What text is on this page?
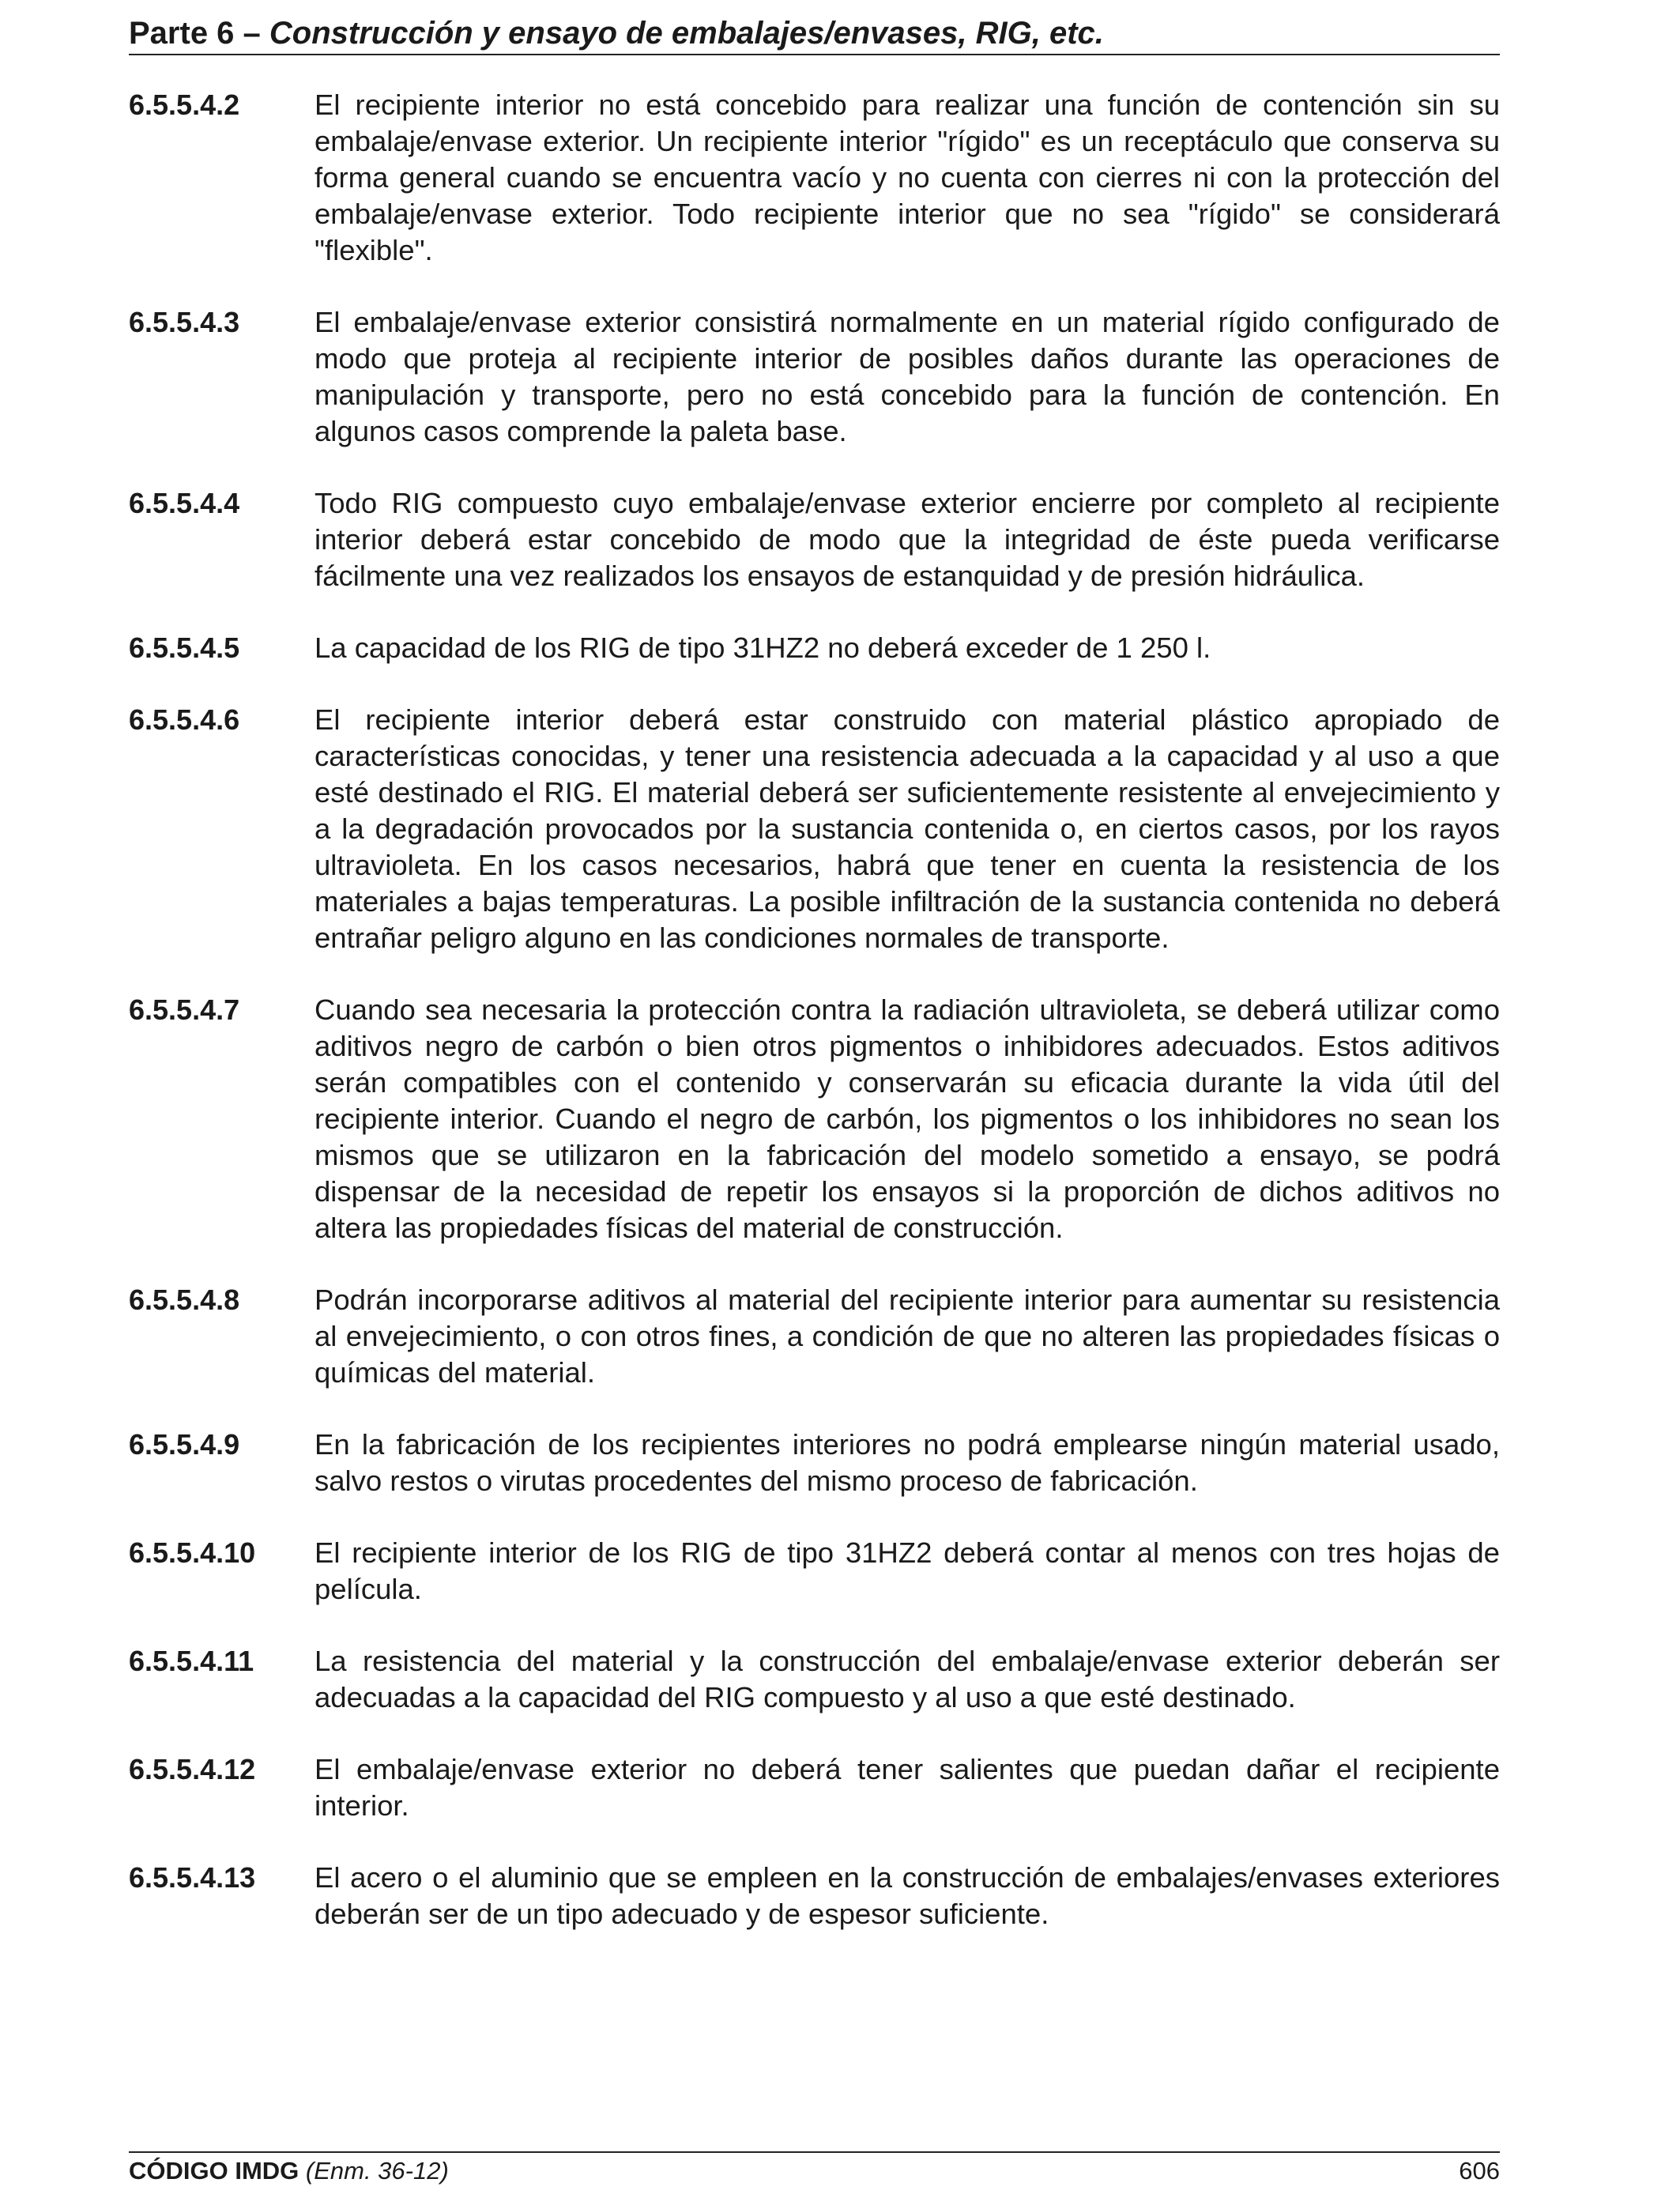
Parte 6 – Construcción y ensayo de embalajes/envases, RIG, etc.
6.5.5.4.2	El recipiente interior no está concebido para realizar una función de contención sin su embalaje/envase exterior. Un recipiente interior "rígido" es un receptáculo que conserva su forma general cuando se encuentra vacío y no cuenta con cierres ni con la protección del embalaje/envase exterior. Todo recipiente interior que no sea "rígido" se considerará "flexible".
6.5.5.4.3	El embalaje/envase exterior consistirá normalmente en un material rígido configurado de modo que proteja al recipiente interior de posibles daños durante las operaciones de manipulación y transporte, pero no está concebido para la función de contención. En algunos casos comprende la paleta base.
6.5.5.4.4	Todo RIG compuesto cuyo embalaje/envase exterior encierre por completo al recipiente interior deberá estar concebido de modo que la integridad de éste pueda verificarse fácilmente una vez realizados los ensayos de estanquidad y de presión hidráulica.
6.5.5.4.5	La capacidad de los RIG de tipo 31HZ2 no deberá exceder de 1 250 l.
6.5.5.4.6	El recipiente interior deberá estar construido con material plástico apropiado de características conocidas, y tener una resistencia adecuada a la capacidad y al uso a que esté destinado el RIG. El material deberá ser suficientemente resistente al envejecimiento y a la degradación provocados por la sustancia contenida o, en ciertos casos, por los rayos ultravioleta. En los casos necesarios, habrá que tener en cuenta la resistencia de los materiales a bajas temperaturas. La posible infiltración de la sustancia contenida no deberá entrañar peligro alguno en las condiciones normales de transporte.
6.5.5.4.7	Cuando sea necesaria la protección contra la radiación ultravioleta, se deberá utilizar como aditivos negro de carbón o bien otros pigmentos o inhibidores adecuados. Estos aditivos serán compatibles con el contenido y conservarán su eficacia durante la vida útil del recipiente interior. Cuando el negro de carbón, los pigmentos o los inhibidores no sean los mismos que se utilizaron en la fabricación del modelo sometido a ensayo, se podrá dispensar de la necesidad de repetir los ensayos si la proporción de dichos aditivos no altera las propiedades físicas del material de construcción.
6.5.5.4.8	Podrán incorporarse aditivos al material del recipiente interior para aumentar su resistencia al envejecimiento, o con otros fines, a condición de que no alteren las propiedades físicas o químicas del material.
6.5.5.4.9	En la fabricación de los recipientes interiores no podrá emplearse ningún material usado, salvo restos o virutas procedentes del mismo proceso de fabricación.
6.5.5.4.10	El recipiente interior de los RIG de tipo 31HZ2 deberá contar al menos con tres hojas de película.
6.5.5.4.11	La resistencia del material y la construcción del embalaje/envase exterior deberán ser adecuadas a la capacidad del RIG compuesto y al uso a que esté destinado.
6.5.5.4.12	El embalaje/envase exterior no deberá tener salientes que puedan dañar el recipiente interior.
6.5.5.4.13	El acero o el aluminio que se empleen en la construcción de embalajes/envases exteriores deberán ser de un tipo adecuado y de espesor suficiente.
CÓDIGO IMDG (Enm. 36-12)	606
